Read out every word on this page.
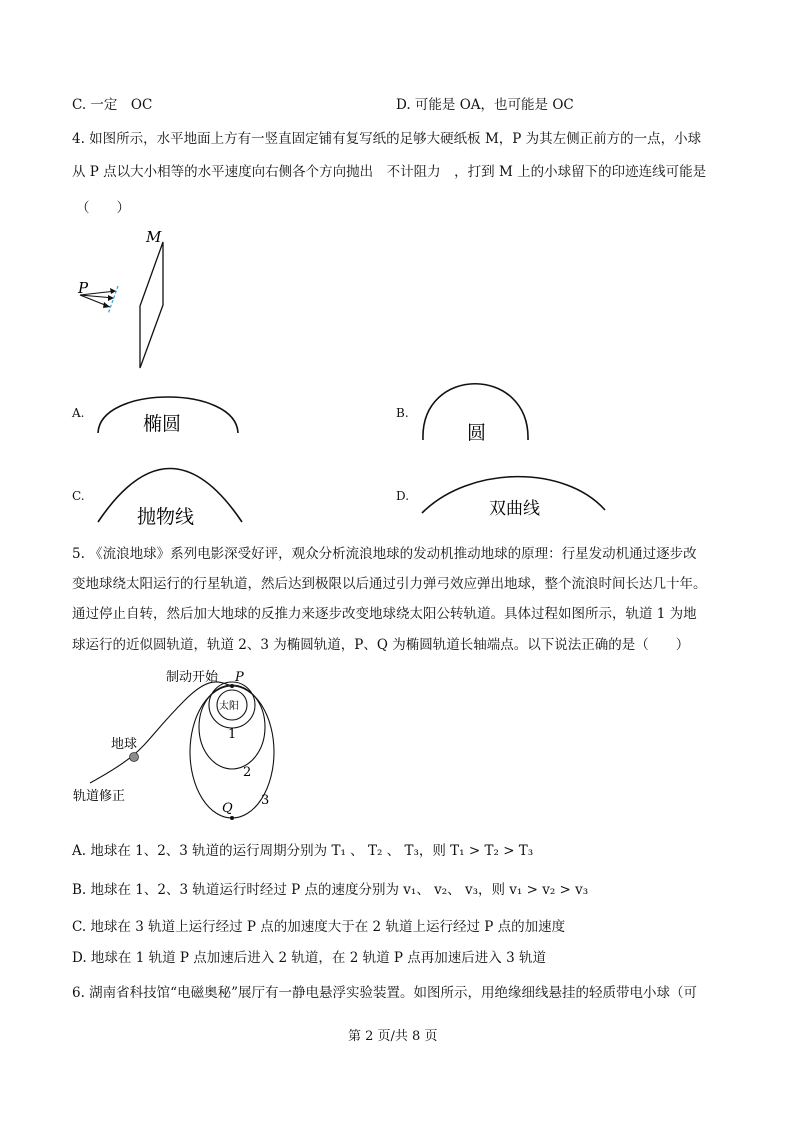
C. 一定　OC	D. 可能是 OA，也可能是 OC
4. 如图所示，水平地面上方有一竖直固定铺有复写纸的足够大硬纸板 M，P 为其左侧正前方的一点，小球
从 P 点以大小相等的水平速度向右侧各个方向抛出　不计阻力　，打到 M 上的小球留下的印迹连线可能是
（　　）
M
P
椭圆	圆
抛物线	双曲线
A.	B.
C.	D.
5. 《流浪地球》系列电影深受好评，观众分析流浪地球的发动机推动地球的原理：行星发动机通过逐步改
变地球绕太阳运行的行星轨道，然后达到极限以后通过引力弹弓效应弹出地球，整个流浪时间长达几十年。
通过停止自转，然后加大地球的反推力来逐步改变地球绕太阳公转轨道。具体过程如图所示，轨道 1 为地
球运行的近似圆轨道，轨道 2、3 为椭圆轨道，P、Q 为椭圆轨道长轴端点。以下说法正确的是（　　）
太阳
制动开始 P
地球
轨道修正
Q
1
2
3
A. 地球在 1、2、3 轨道的运行周期分别为 T₁ 、 T₂ 、 T₃，则 T₁ > T₂ > T₃
B. 地球在 1、2、3 轨道运行时经过 P 点的速度分别为 v₁、 v₂、 v₃，则 v₁ > v₂ > v₃
C. 地球在 3 轨道上运行经过 P 点的加速度大于在 2 轨道上运行经过 P 点的加速度
D. 地球在 1 轨道 P 点加速后进入 2 轨道，在 2 轨道 P 点再加速后进入 3 轨道
6. 湖南省科技馆“电磁奥秘”展厅有一静电悬浮实验装置。如图所示，用绝缘细线悬挂的轻质带电小球（可
第 2 页/共 8 页
